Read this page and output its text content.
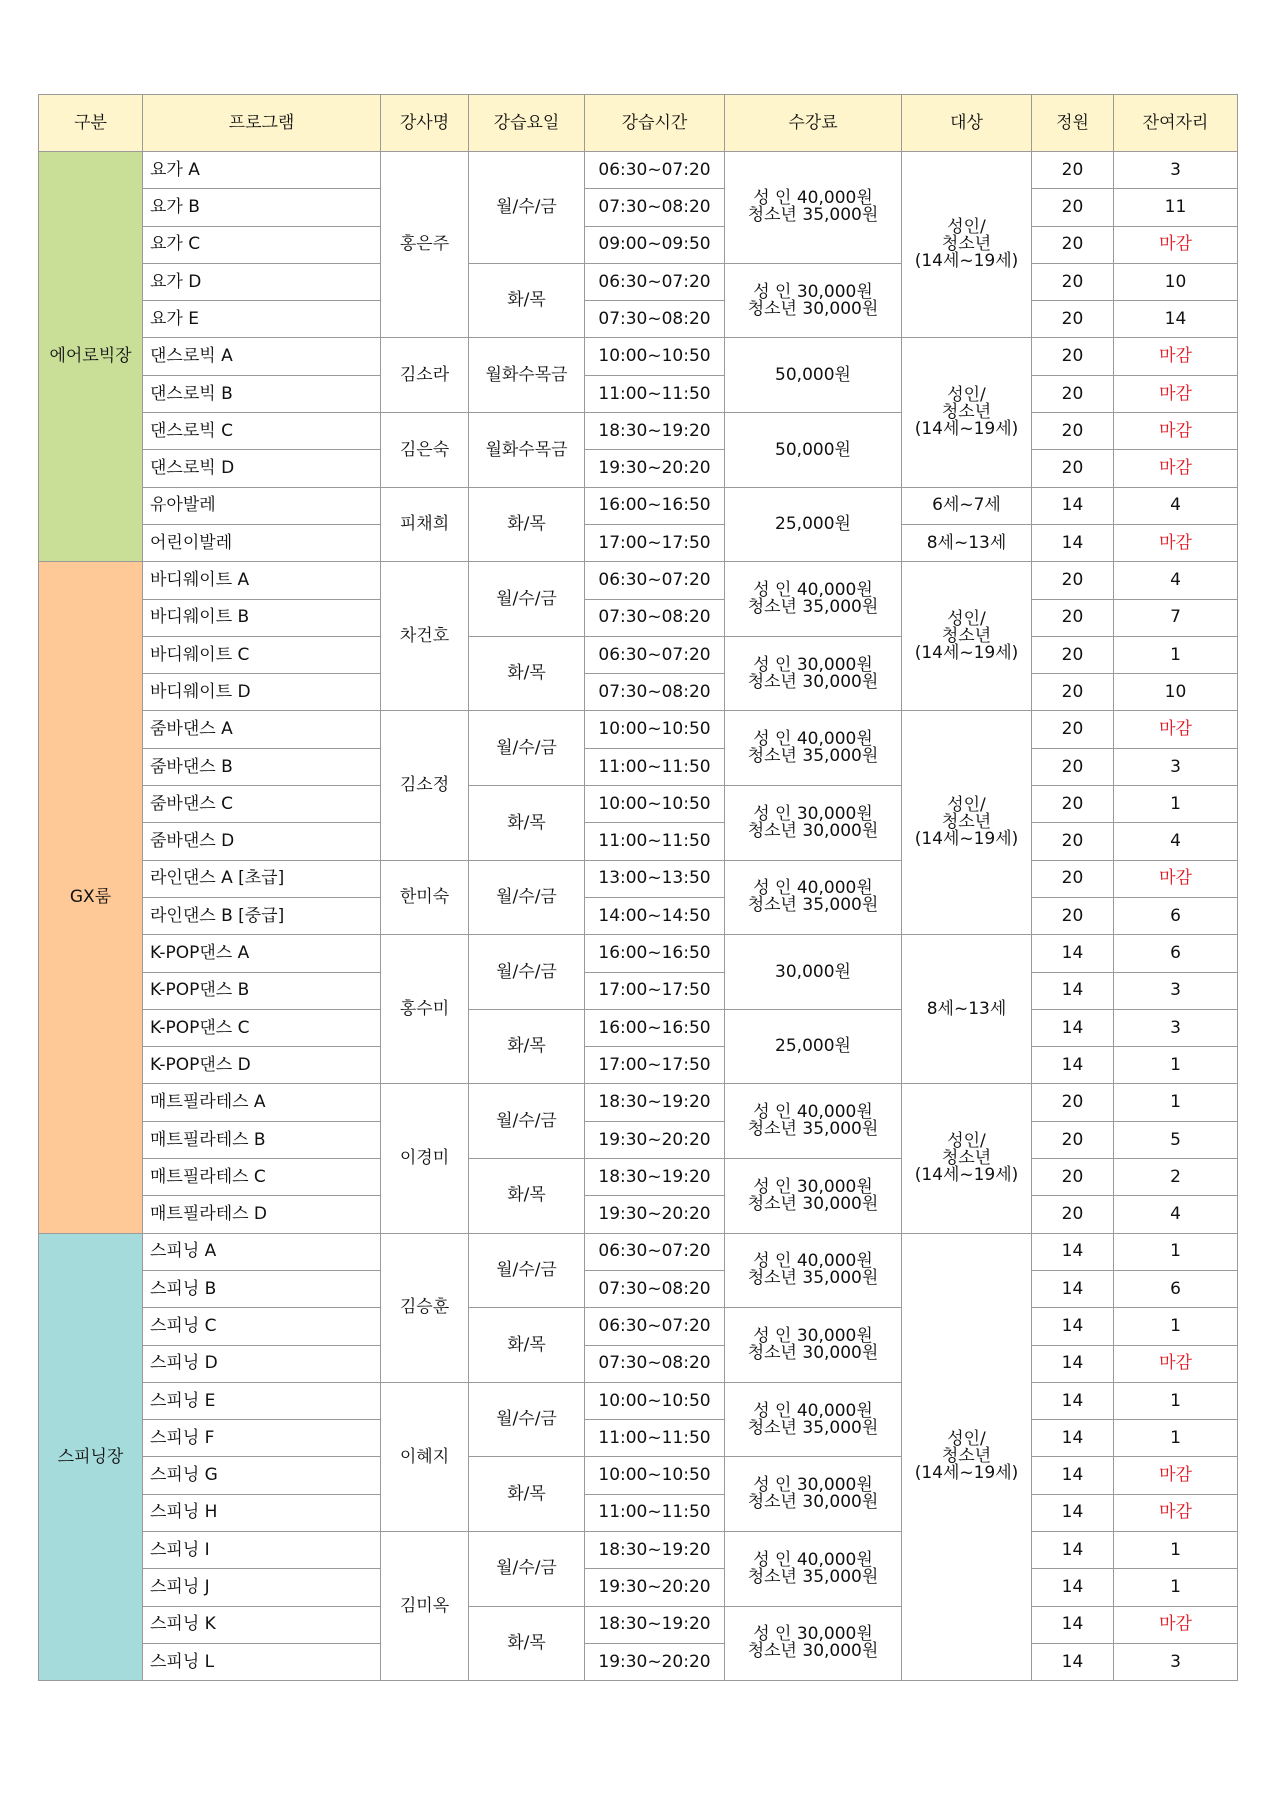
구분	프로그램	강사명	강습요일	강습시간	수강료	대상	정원	잔여자리
에어로빅장	요가 A	홍은주	월/수/금	06:30~07:20	성 인 40,000원
청소년 35,000원	성인/
청소년
(14세~19세)	20	3
	요가 B			07:30~08:20			20	11
	요가 C			09:00~09:50			20	마감
	요가 D		화/목	06:30~07:20	성 인 30,000원
청소년 30,000원		20	10
	요가 E			07:30~08:20			20	14
	댄스로빅 A	김소라	월화수목금	10:00~10:50	50,000원	성인/
청소년
(14세~19세)	20	마감
	댄스로빅 B			11:00~11:50			20	마감
	댄스로빅 C	김은숙	월화수목금	18:30~19:20	50,000원		20	마감
	댄스로빅 D			19:30~20:20			20	마감
	유아발레	피채희	화/목	16:00~16:50	25,000원	6세~7세	14	4
	어린이발레			17:00~17:50		8세~13세	14	마감
GX룸	바디웨이트 A	차건호	월/수/금	06:30~07:20	성 인 40,000원
청소년 35,000원	성인/
청소년
(14세~19세)	20	4
	바디웨이트 B			07:30~08:20			20	7
	바디웨이트 C		화/목	06:30~07:20	성 인 30,000원
청소년 30,000원		20	1
	바디웨이트 D			07:30~08:20			20	10
	줌바댄스 A	김소정	월/수/금	10:00~10:50	성 인 40,000원
청소년 35,000원	성인/
청소년
(14세~19세)	20	마감
	줌바댄스 B			11:00~11:50			20	3
	줌바댄스 C		화/목	10:00~10:50	성 인 30,000원
청소년 30,000원		20	1
	줌바댄스 D			11:00~11:50			20	4
	라인댄스 A [초급]	한미숙	월/수/금	13:00~13:50	성 인 40,000원
청소년 35,000원		20	마감
	라인댄스 B [중급]			14:00~14:50			20	6
	K-POP댄스 A	홍수미	월/수/금	16:00~16:50	30,000원	8세~13세	14	6
	K-POP댄스 B			17:00~17:50			14	3
	K-POP댄스 C		화/목	16:00~16:50	25,000원		14	3
	K-POP댄스 D			17:00~17:50			14	1
	매트필라테스 A	이경미	월/수/금	18:30~19:20	성 인 40,000원
청소년 35,000원	성인/
청소년
(14세~19세)	20	1
	매트필라테스 B			19:30~20:20			20	5
	매트필라테스 C		화/목	18:30~19:20	성 인 30,000원
청소년 30,000원		20	2
	매트필라테스 D			19:30~20:20			20	4
스피닝장	스피닝 A	김승훈	월/수/금	06:30~07:20	성 인 40,000원
청소년 35,000원	성인/
청소년
(14세~19세)	14	1
	스피닝 B			07:30~08:20			14	6
	스피닝 C		화/목	06:30~07:20	성 인 30,000원
청소년 30,000원		14	1
	스피닝 D			07:30~08:20			14	마감
	스피닝 E	이혜지	월/수/금	10:00~10:50	성 인 40,000원
청소년 35,000원		14	1
	스피닝 F			11:00~11:50			14	1
	스피닝 G		화/목	10:00~10:50	성 인 30,000원
청소년 30,000원		14	마감
	스피닝 H			11:00~11:50			14	마감
	스피닝 I	김미옥	월/수/금	18:30~19:20	성 인 40,000원
청소년 35,000원		14	1
	스피닝 J			19:30~20:20			14	1
	스피닝 K		화/목	18:30~19:20	성 인 30,000원
청소년 30,000원		14	마감
	스피닝 L			19:30~20:20			14	3
